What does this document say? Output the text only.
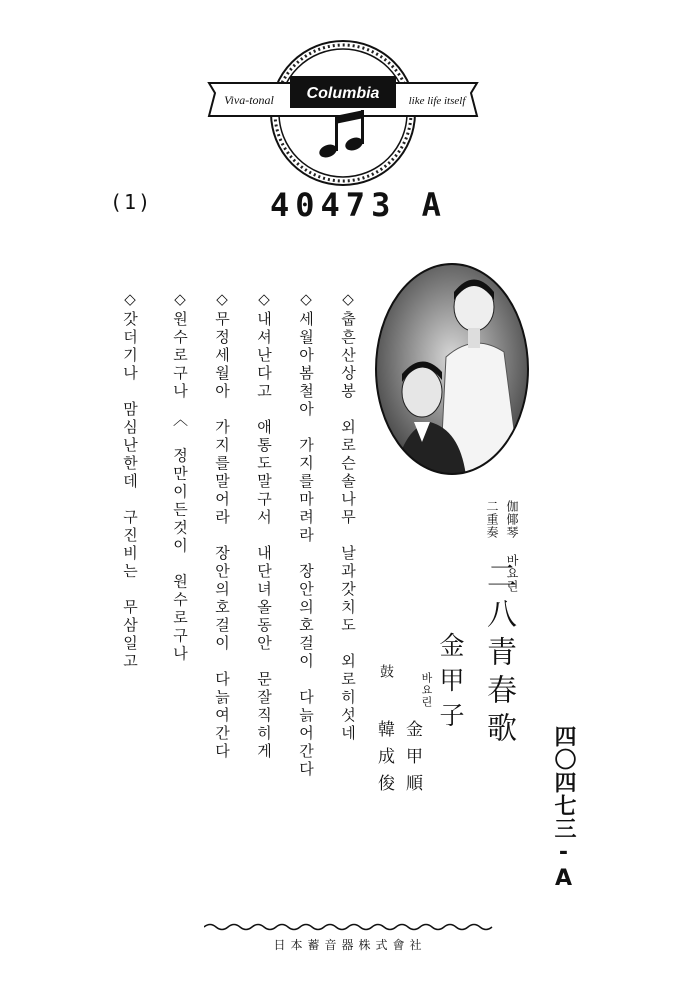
Columbia
Viva-tonal	like life itself
(1)	40473 A
◇춥흔산상봉　외로슨솔나무　날과갓치도　외로히섯네
◇세월아봄철아　가지를마려라　장안의호걸이　다늙어간다
◇내셔난다고　애통도말구서　내단녀올동안　문잘직히게
◇무정세월아　가지를말어라　장안의호걸이　다늙여간다
◇원수로구나　〈　정만이든것이　원수로구나
◇갓더기나　맘심난한데　구진비는　무삼일고	伽倻琴 바요린
二重奏
二八青春歌
金甲子
바요린
金甲順
鼓
韓成俊	四〇四七三-A
日本蓄音器株式會社
